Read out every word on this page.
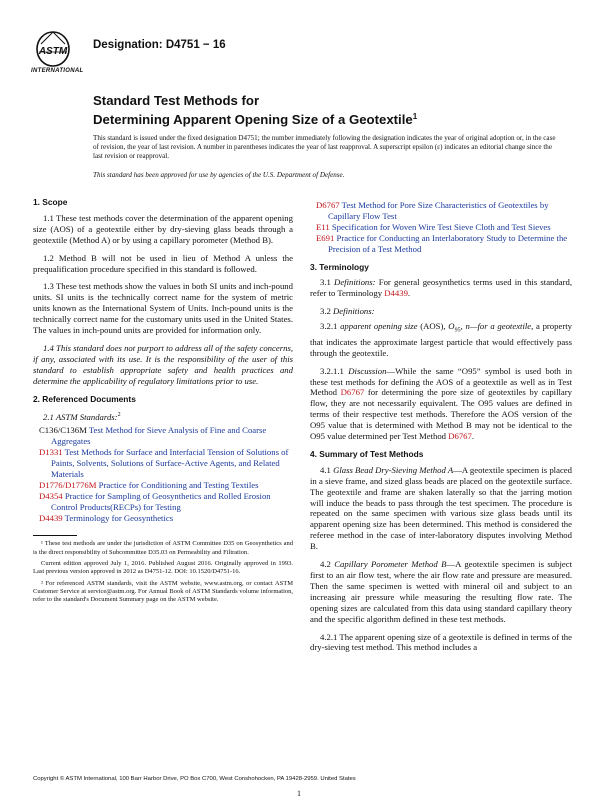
ASTM
INTERNATIONAL
Designation: D4751 − 16
Standard Test Methods for
Determining Apparent Opening Size of a Geotextile$^1$
This standard is issued under the fixed designation D4751; the number immediately following the designation indicates the year of original adoption or, in the case of revision, the year of last revision. A number in parentheses indicates the year of last reapproval. A superscript epsilon (ε) indicates an editorial change since the last revision or reapproval.
This standard has been approved for use by agencies of the U.S. Department of Defense.
1. Scope

1.1 These test methods cover the determination of the apparent opening size (AOS) of a geotextile either by dry-sieving glass beads through a geotextile (Method A) or by using a capillary porometer (Method B).

1.2 Method B will not be used in lieu of Method A unless the prequalification procedure specified in this standard is followed.

1.3 These test methods show the values in both SI units and inch-pound units. SI units is the technically correct name for the system of metric units known as the International System of Units. Inch-pound units is the technically correct name for the customary units used in the United States. The values in inch-pound units are provided for information only.

1.4 This standard does not purport to address all of the safety concerns, if any, associated with its use. It is the responsibility of the user of this standard to establish appropriate safety and health practices and determine the applicability of regulatory limitations prior to use.

2. Referenced Documents

2.1 ASTM Standards:$^2$

C136/C136M Test Method for Sieve Analysis of Fine and Coarse Aggregates
D1331 Test Methods for Surface and Interfacial Tension of Solutions of Paints, Solvents, Solutions of Surface-Active Agents, and Related Materials
D1776/D1776M Practice for Conditioning and Testing Textiles
D4354 Practice for Sampling of Geosynthetics and Rolled Erosion Control Products(RECPs) for Testing
D4439 Terminology for Geosynthetics

¹ These test methods are under the jurisdiction of ASTM Committee D35 on Geosynthetics and is the direct responsibility of Subcommittee D35.03 on Permeability and Filtration.

Current edition approved July 1, 2016. Published August 2016. Originally approved in 1993. Last previous version approved in 2012 as D4751-12. DOI: 10.1520/D4751-16.

² For referenced ASTM standards, visit the ASTM website, www.astm.org, or contact ASTM Customer Service at service@astm.org. For Annual Book of ASTM Standards volume information, refer to the standard's Document Summary page on the ASTM website.

D6767 Test Method for Pore Size Characteristics of Geotextiles by Capillary Flow Test
E11 Specification for Woven Wire Test Sieve Cloth and Test Sieves
E691 Practice for Conducting an Interlaboratory Study to Determine the Precision of a Test Method
3. Terminology

3.1 Definitions: For general geosynthetics terms used in this standard, refer to Terminology D4439.

3.2 Definitions:

3.2.1 apparent opening size (AOS), $O_{95}$, n—for a geotextile, a property that indicates the approximate largest particle that would effectively pass through the geotextile.

3.2.1.1 Discussion—While the same “O95” symbol is used both in these test methods for defining the AOS of a geotextile as well as in Test Method D6767 for determining the pore size of geotextiles by capillary flow, they are not necessarily equivalent. The O95 values are defined in terms of their respective test methods. Therefore the AOS version of the O95 value that is determined with Method B may not be identical to the O95 value determined per Test Method D6767.

4. Summary of Test Methods

4.1 Glass Bead Dry-Sieving Method A—A geotextile specimen is placed in a sieve frame, and sized glass beads are placed on the geotextile surface. The geotextile and frame are shaken laterally so that the jarring motion will induce the beads to pass through the test specimen. The procedure is repeated on the same specimen with various size glass beads until its apparent opening size has been determined. This method is considered the referee method in the case of inter-laboratory disputes involving Method B.

4.2 Capillary Porometer Method B—A geotextile specimen is subject first to an air flow test, where the air flow rate and pressure are measured. Then the same specimen is wetted with mineral oil and subject to an increasing air pressure while measuring the resulting flow rate. The opening sizes are calculated from this data using standard capillary theory and the specific algorithm defined in these test methods.

4.2.1 The apparent opening size of a geotextile is defined in terms of the dry-sieving test method. This method includes a

Copyright © ASTM International, 100 Barr Harbor Drive, PO Box C700, West Conshohocken, PA 19428-2959. United States
1
